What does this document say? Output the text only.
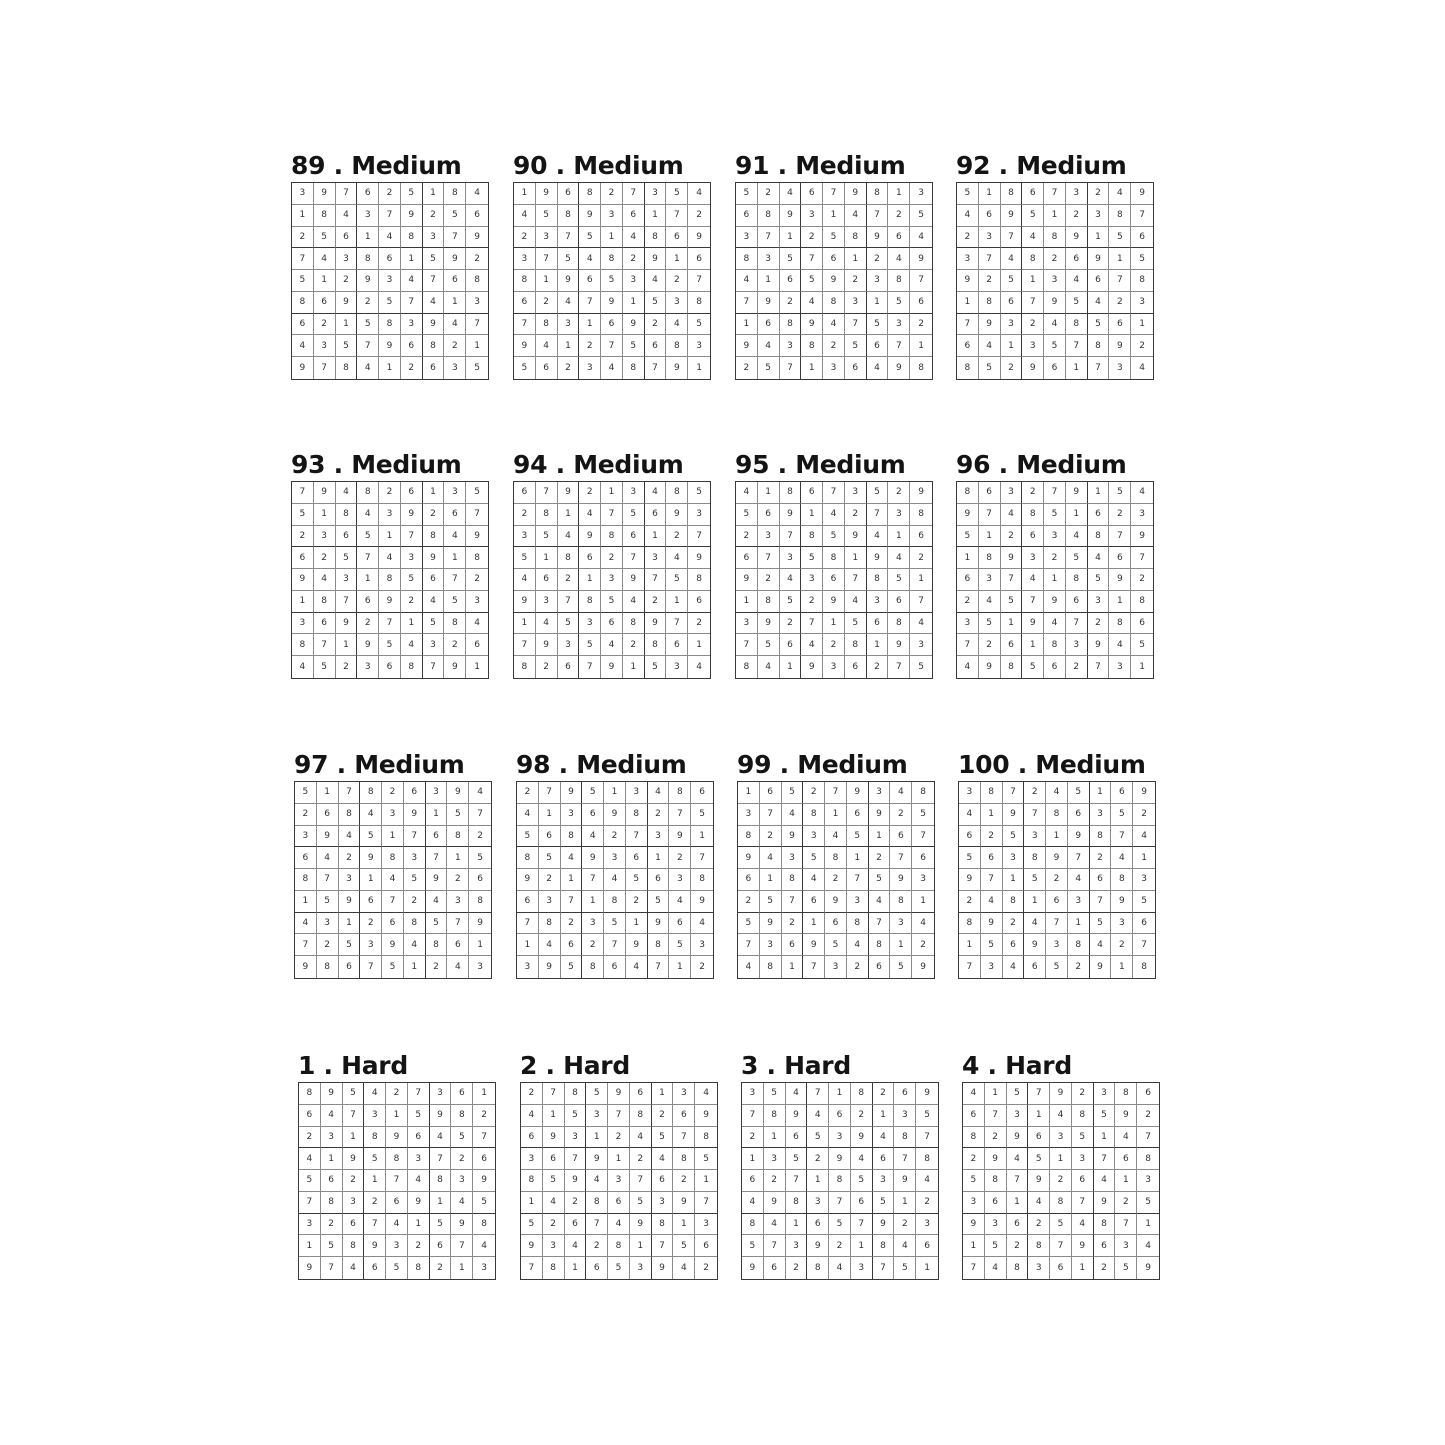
89 . Medium
3	9	7	6	2	5	1	8	4
1	8	4	3	7	9	2	5	6
2	5	6	1	4	8	3	7	9
7	4	3	8	6	1	5	9	2
5	1	2	9	3	4	7	6	8
8	6	9	2	5	7	4	1	3
6	2	1	5	8	3	9	4	7
4	3	5	7	9	6	8	2	1
9	7	8	4	1	2	6	3	5
90 . Medium
1	9	6	8	2	7	3	5	4
4	5	8	9	3	6	1	7	2
2	3	7	5	1	4	8	6	9
3	7	5	4	8	2	9	1	6
8	1	9	6	5	3	4	2	7
6	2	4	7	9	1	5	3	8
7	8	3	1	6	9	2	4	5
9	4	1	2	7	5	6	8	3
5	6	2	3	4	8	7	9	1
91 . Medium
5	2	4	6	7	9	8	1	3
6	8	9	3	1	4	7	2	5
3	7	1	2	5	8	9	6	4
8	3	5	7	6	1	2	4	9
4	1	6	5	9	2	3	8	7
7	9	2	4	8	3	1	5	6
1	6	8	9	4	7	5	3	2
9	4	3	8	2	5	6	7	1
2	5	7	1	3	6	4	9	8
92 . Medium
5	1	8	6	7	3	2	4	9
4	6	9	5	1	2	3	8	7
2	3	7	4	8	9	1	5	6
3	7	4	8	2	6	9	1	5
9	2	5	1	3	4	6	7	8
1	8	6	7	9	5	4	2	3
7	9	3	2	4	8	5	6	1
6	4	1	3	5	7	8	9	2
8	5	2	9	6	1	7	3	4
93 . Medium
7	9	4	8	2	6	1	3	5
5	1	8	4	3	9	2	6	7
2	3	6	5	1	7	8	4	9
6	2	5	7	4	3	9	1	8
9	4	3	1	8	5	6	7	2
1	8	7	6	9	2	4	5	3
3	6	9	2	7	1	5	8	4
8	7	1	9	5	4	3	2	6
4	5	2	3	6	8	7	9	1
94 . Medium
6	7	9	2	1	3	4	8	5
2	8	1	4	7	5	6	9	3
3	5	4	9	8	6	1	2	7
5	1	8	6	2	7	3	4	9
4	6	2	1	3	9	7	5	8
9	3	7	8	5	4	2	1	6
1	4	5	3	6	8	9	7	2
7	9	3	5	4	2	8	6	1
8	2	6	7	9	1	5	3	4
95 . Medium
4	1	8	6	7	3	5	2	9
5	6	9	1	4	2	7	3	8
2	3	7	8	5	9	4	1	6
6	7	3	5	8	1	9	4	2
9	2	4	3	6	7	8	5	1
1	8	5	2	9	4	3	6	7
3	9	2	7	1	5	6	8	4
7	5	6	4	2	8	1	9	3
8	4	1	9	3	6	2	7	5
96 . Medium
8	6	3	2	7	9	1	5	4
9	7	4	8	5	1	6	2	3
5	1	2	6	3	4	8	7	9
1	8	9	3	2	5	4	6	7
6	3	7	4	1	8	5	9	2
2	4	5	7	9	6	3	1	8
3	5	1	9	4	7	2	8	6
7	2	6	1	8	3	9	4	5
4	9	8	5	6	2	7	3	1
97 . Medium
5	1	7	8	2	6	3	9	4
2	6	8	4	3	9	1	5	7
3	9	4	5	1	7	6	8	2
6	4	2	9	8	3	7	1	5
8	7	3	1	4	5	9	2	6
1	5	9	6	7	2	4	3	8
4	3	1	2	6	8	5	7	9
7	2	5	3	9	4	8	6	1
9	8	6	7	5	1	2	4	3
98 . Medium
2	7	9	5	1	3	4	8	6
4	1	3	6	9	8	2	7	5
5	6	8	4	2	7	3	9	1
8	5	4	9	3	6	1	2	7
9	2	1	7	4	5	6	3	8
6	3	7	1	8	2	5	4	9
7	8	2	3	5	1	9	6	4
1	4	6	2	7	9	8	5	3
3	9	5	8	6	4	7	1	2
99 . Medium
1	6	5	2	7	9	3	4	8
3	7	4	8	1	6	9	2	5
8	2	9	3	4	5	1	6	7
9	4	3	5	8	1	2	7	6
6	1	8	4	2	7	5	9	3
2	5	7	6	9	3	4	8	1
5	9	2	1	6	8	7	3	4
7	3	6	9	5	4	8	1	2
4	8	1	7	3	2	6	5	9
100 . Medium
3	8	7	2	4	5	1	6	9
4	1	9	7	8	6	3	5	2
6	2	5	3	1	9	8	7	4
5	6	3	8	9	7	2	4	1
9	7	1	5	2	4	6	8	3
2	4	8	1	6	3	7	9	5
8	9	2	4	7	1	5	3	6
1	5	6	9	3	8	4	2	7
7	3	4	6	5	2	9	1	8
1 . Hard
8	9	5	4	2	7	3	6	1
6	4	7	3	1	5	9	8	2
2	3	1	8	9	6	4	5	7
4	1	9	5	8	3	7	2	6
5	6	2	1	7	4	8	3	9
7	8	3	2	6	9	1	4	5
3	2	6	7	4	1	5	9	8
1	5	8	9	3	2	6	7	4
9	7	4	6	5	8	2	1	3
2 . Hard
2	7	8	5	9	6	1	3	4
4	1	5	3	7	8	2	6	9
6	9	3	1	2	4	5	7	8
3	6	7	9	1	2	4	8	5
8	5	9	4	3	7	6	2	1
1	4	2	8	6	5	3	9	7
5	2	6	7	4	9	8	1	3
9	3	4	2	8	1	7	5	6
7	8	1	6	5	3	9	4	2
3 . Hard
3	5	4	7	1	8	2	6	9
7	8	9	4	6	2	1	3	5
2	1	6	5	3	9	4	8	7
1	3	5	2	9	4	6	7	8
6	2	7	1	8	5	3	9	4
4	9	8	3	7	6	5	1	2
8	4	1	6	5	7	9	2	3
5	7	3	9	2	1	8	4	6
9	6	2	8	4	3	7	5	1
4 . Hard
4	1	5	7	9	2	3	8	6
6	7	3	1	4	8	5	9	2
8	2	9	6	3	5	1	4	7
2	9	4	5	1	3	7	6	8
5	8	7	9	2	6	4	1	3
3	6	1	4	8	7	9	2	5
9	3	6	2	5	4	8	7	1
1	5	2	8	7	9	6	3	4
7	4	8	3	6	1	2	5	9
